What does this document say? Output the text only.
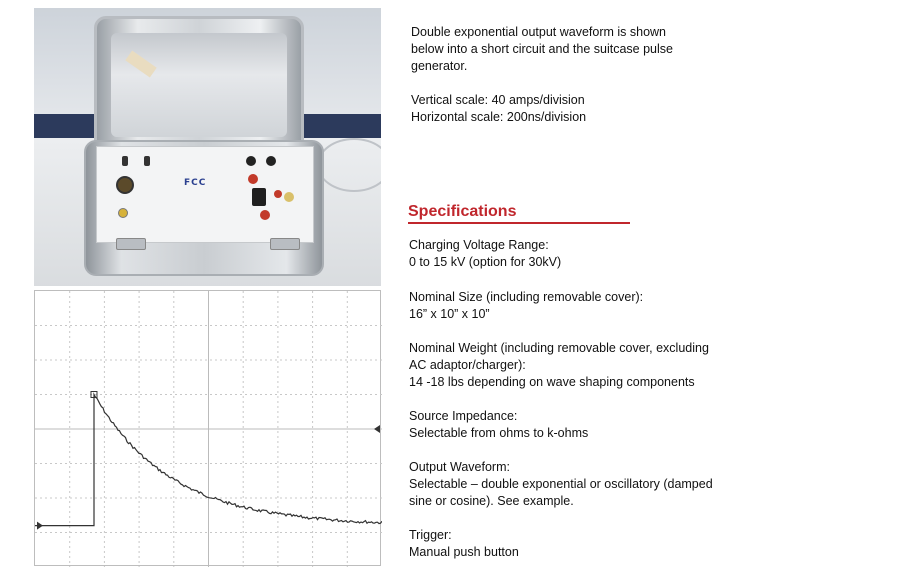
FCC
Double exponential output waveform is shown
below into a short circuit and the suitcase pulse
generator.
Vertical scale: 40 amps/division
Horizontal scale: 200ns/division
Specifications
Charging Voltage Range:
0 to 15 kV (option for 30kV)
Nominal Size (including removable cover):
16” x 10” x 10”
Nominal Weight (including removable cover, excluding
AC adaptor/charger):
14 -18 lbs depending on wave shaping components
Source Impedance:
Selectable from ohms to k-ohms
Output Waveform:
Selectable – double exponential or oscillatory (damped
sine or cosine). See example.
Trigger:
Manual push button
